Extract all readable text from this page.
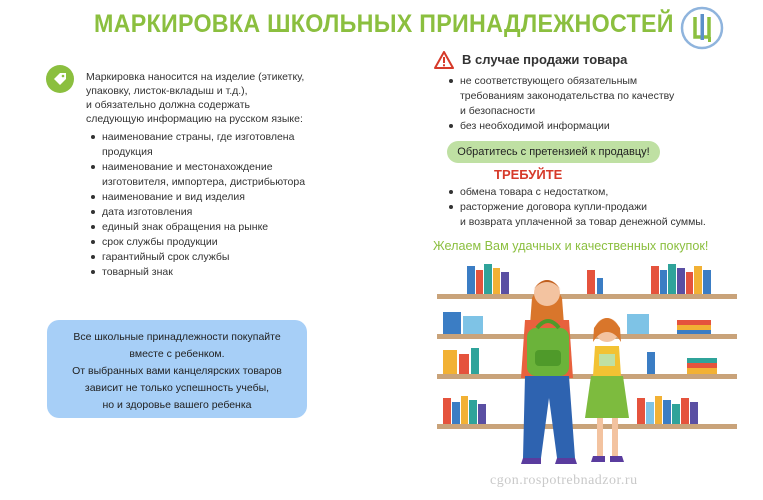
МАРКИРОВКА ШКОЛЬНЫХ ПРИНАДЛЕЖНОСТЕЙ
Маркировка наносится на изделие (этикетку,
упаковку, листок-вкладыш и т.д.),
и обязательно должна содержать
следующую информацию на русском языке:
наименование страны, где изготовлена
продукция
наименование и местонахождение
изготовителя, импортера, дистрибьютора
наименование и вид изделия
дата изготовления
единый знак обращения на рынке
срок службы продукции
гарантийный срок службы
товарный знак
Все школьные принадлежности покупайте
вместе с ребенком.
От выбранных вами канцелярских товаров
зависит не только успешность учебы,
но и здоровье вашего ребенка
В случае продажи товара
не соответствующего обязательным
требованиям законодательства по качеству
и безопасности
без необходимой информации
Обратитесь с претензией к продавцу!
ТРЕБУЙТЕ
обмена товара с недостатком,
расторжение договора купли-продажи
и возврата уплаченной за товар денежной суммы.
Желаем Вам удачных и качественных покупок!
cgon.rospotrebnadzor.ru
